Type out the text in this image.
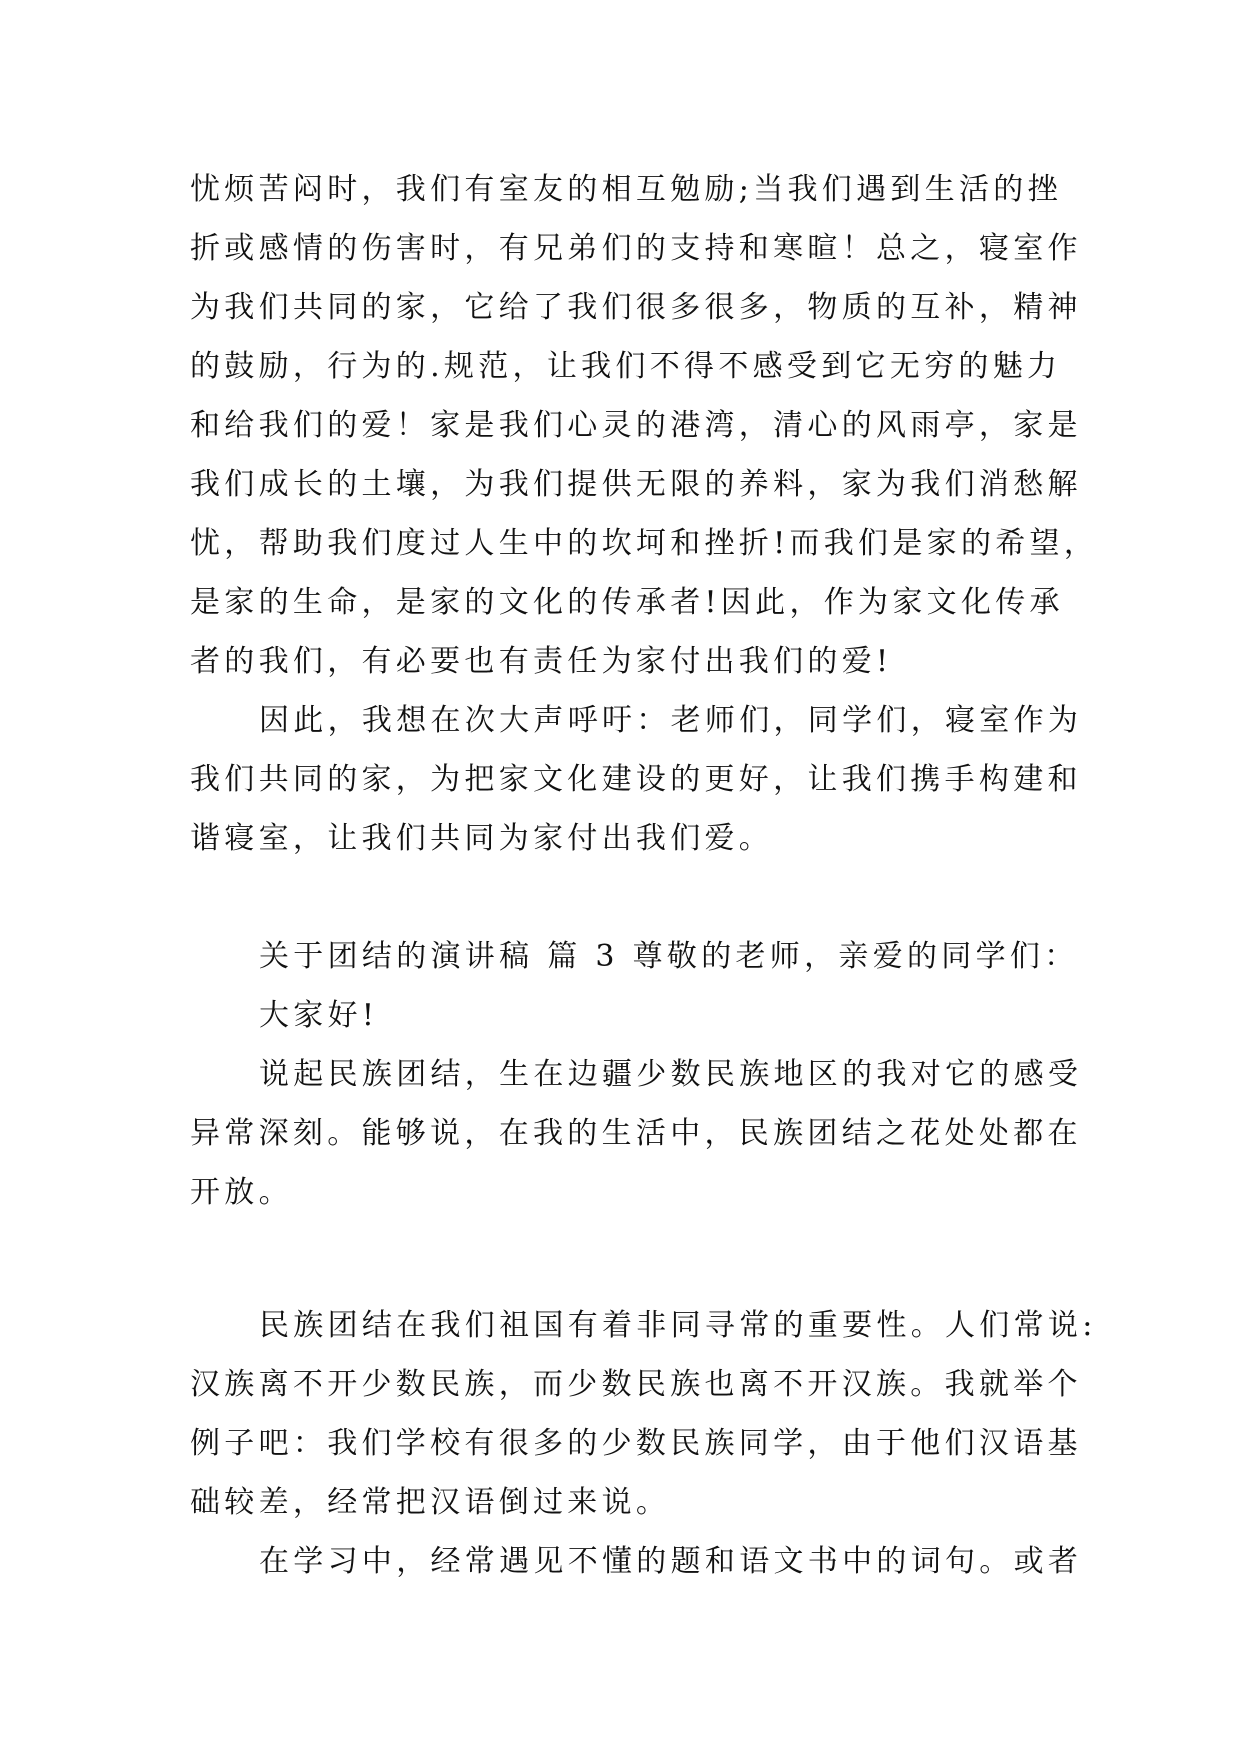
忧烦苦闷时，我们有室友的相互勉励;当我们遇到生活的挫
折或感情的伤害时，有兄弟们的支持和寒暄！总之，寝室作
为我们共同的家，它给了我们很多很多，物质的互补，精神
的鼓励，行为的.规范，让我们不得不感受到它无穷的魅力
和给我们的爱！家是我们心灵的港湾，清心的风雨亭，家是
我们成长的土壤，为我们提供无限的养料，家为我们消愁解
忧，帮助我们度过人生中的坎坷和挫折!而我们是家的希望，
是家的生命，是家的文化的传承者!因此，作为家文化传承
者的我们，有必要也有责任为家付出我们的爱!
因此，我想在次大声呼吁：老师们，同学们，寝室作为
我们共同的家，为把家文化建设的更好，让我们携手构建和
谐寝室，让我们共同为家付出我们爱。
关于团结的演讲稿 篇 3 尊敬的老师，亲爱的同学们：
大家好!
说起民族团结，生在边疆少数民族地区的我对它的感受
异常深刻。能够说，在我的生活中，民族团结之花处处都在
开放。
民族团结在我们祖国有着非同寻常的重要性。人们常说:
汉族离不开少数民族，而少数民族也离不开汉族。我就举个
例子吧：我们学校有很多的少数民族同学，由于他们汉语基
础较差，经常把汉语倒过来说。
在学习中，经常遇见不懂的题和语文书中的词句。或者
